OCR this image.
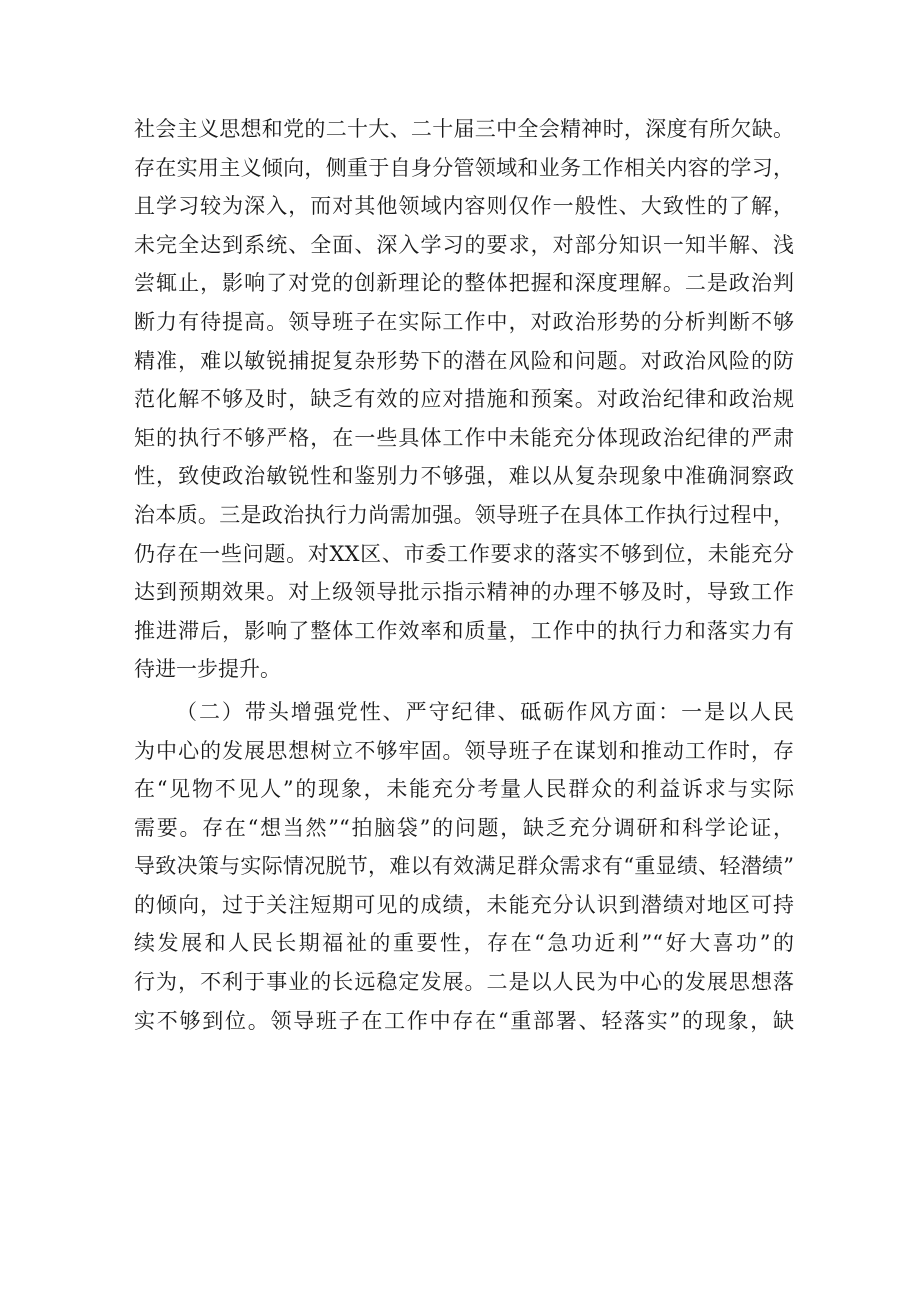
社会主义思想和党的二十大、二十届三中全会精神时，深度有所欠缺。
存在实用主义倾向，侧重于自身分管领域和业务工作相关内容的学习，
且学习较为深入，而对其他领域内容则仅作一般性、大致性的了解，
未完全达到系统、全面、深入学习的要求，对部分知识一知半解、浅
尝辄止，影响了对党的创新理论的整体把握和深度理解。二是政治判
断力有待提高。领导班子在实际工作中，对政治形势的分析判断不够
精准，难以敏锐捕捉复杂形势下的潜在风险和问题。对政治风险的防
范化解不够及时，缺乏有效的应对措施和预案。对政治纪律和政治规
矩的执行不够严格，在一些具体工作中未能充分体现政治纪律的严肃
性，致使政治敏锐性和鉴别力不够强，难以从复杂现象中准确洞察政
治本质。三是政治执行力尚需加强。领导班子在具体工作执行过程中，
仍存在一些问题。对XX区、市委工作要求的落实不够到位，未能充分
达到预期效果。对上级领导批示指示精神的办理不够及时，导致工作
推进滞后，影响了整体工作效率和质量，工作中的执行力和落实力有
待进一步提升。
（二）带头增强党性、严守纪律、砥砺作风方面：一是以人民
为中心的发展思想树立不够牢固。领导班子在谋划和推动工作时，存
在“见物不见人”的现象，未能充分考量人民群众的利益诉求与实际
需要。存在“想当然”“拍脑袋”的问题，缺乏充分调研和科学论证，
导致决策与实际情况脱节，难以有效满足群众需求有“重显绩、轻潜绩”
的倾向，过于关注短期可见的成绩，未能充分认识到潜绩对地区可持
续发展和人民长期福祉的重要性，存在“急功近利”“好大喜功”的
行为，不利于事业的长远稳定发展。二是以人民为中心的发展思想落
实不够到位。领导班子在工作中存在“重部署、轻落实”的现象，缺
